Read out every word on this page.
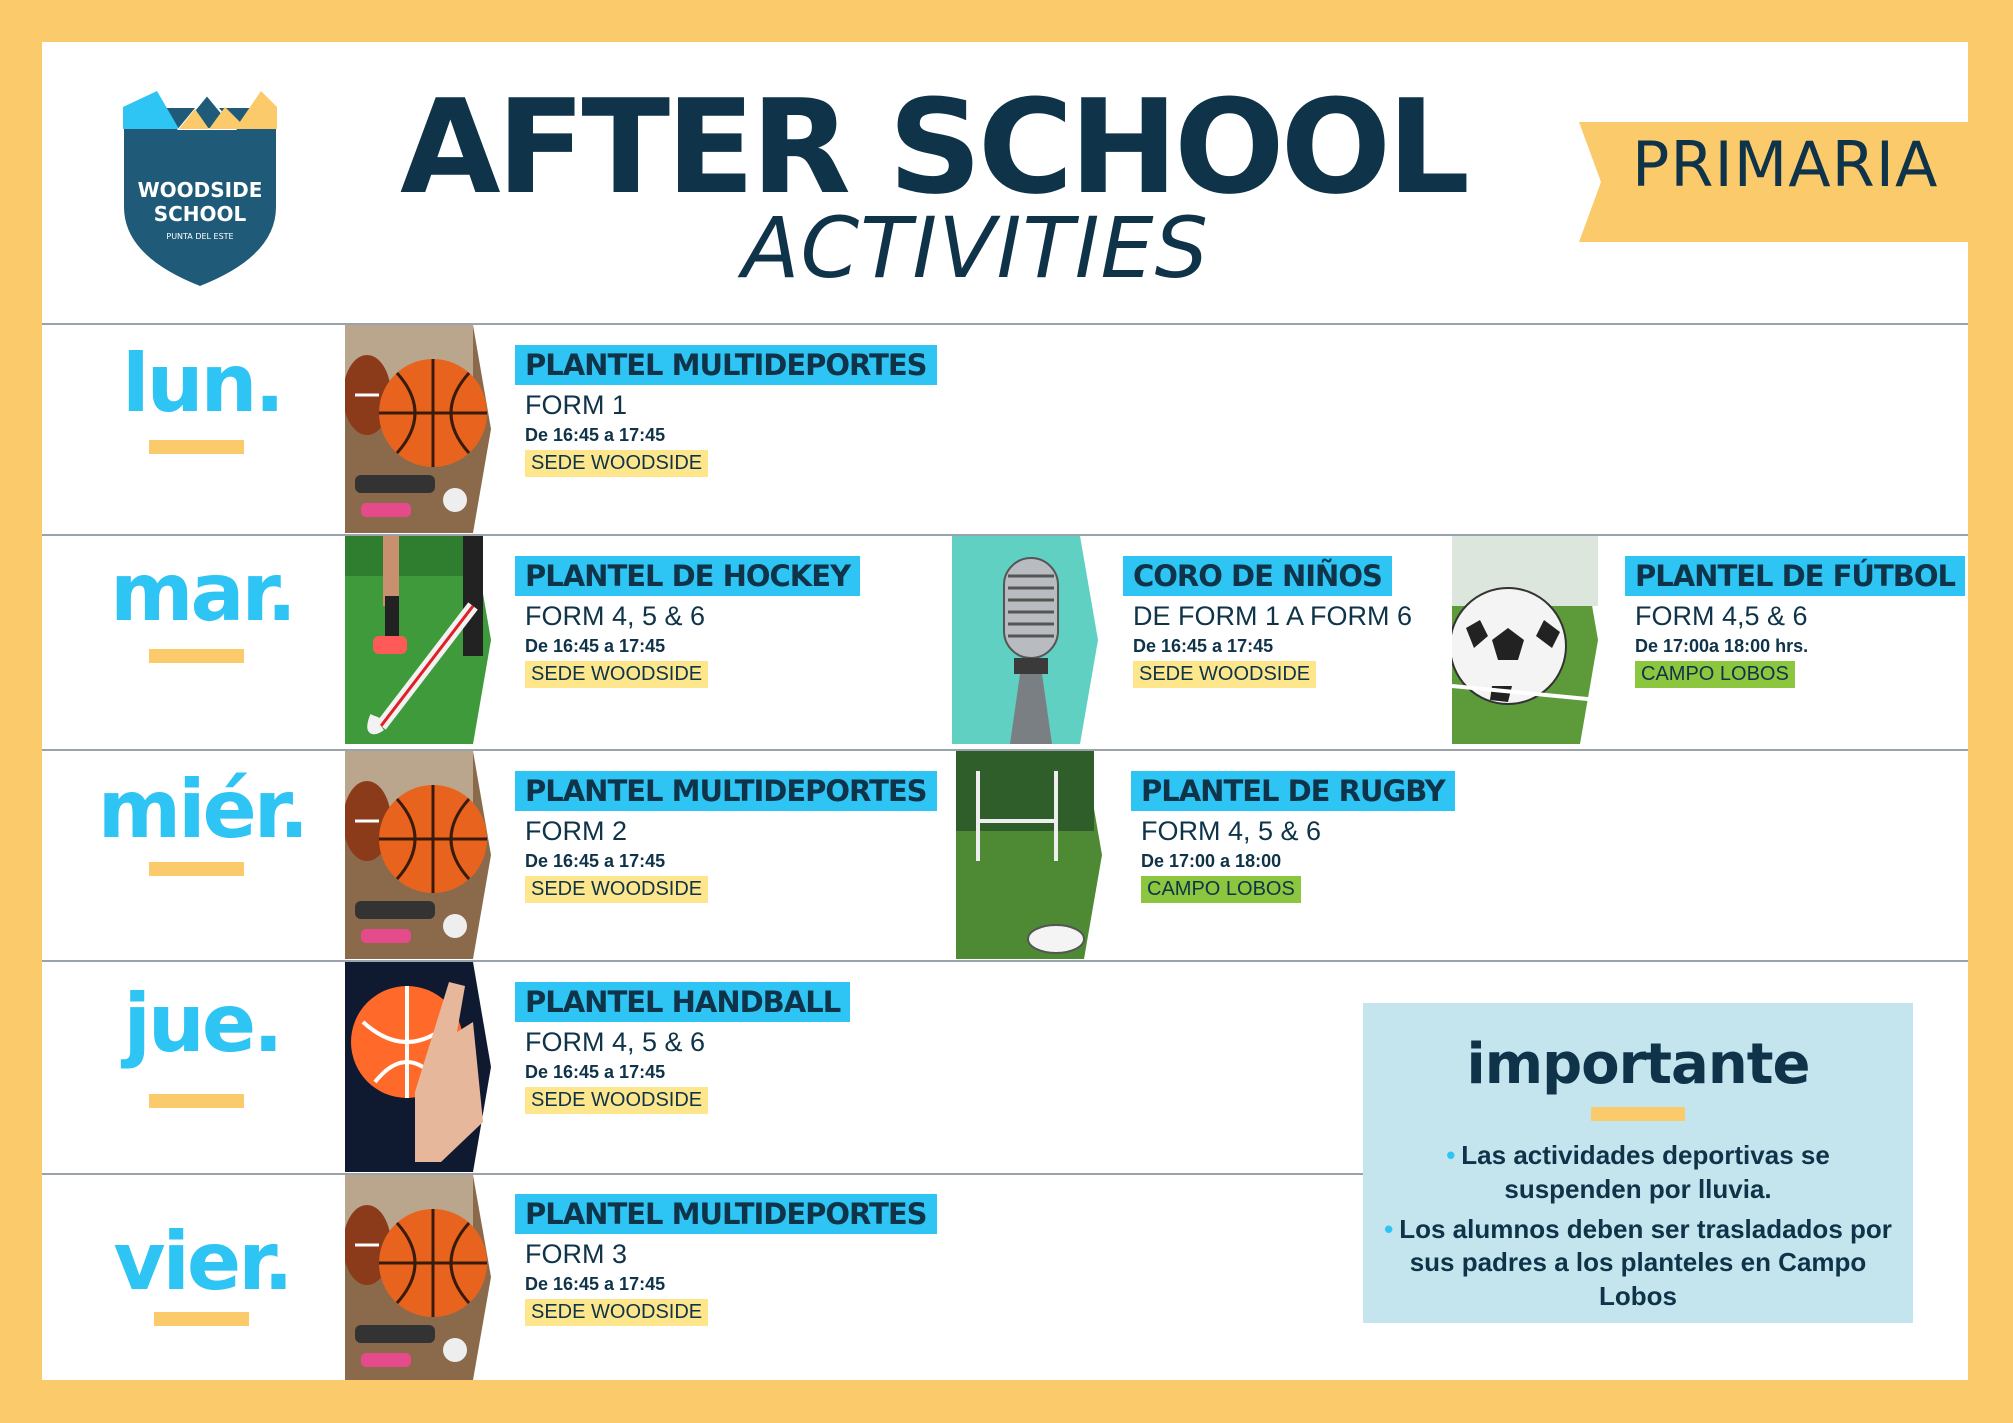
WOODSIDE
SCHOOL
PUNTA DEL ESTE
AFTER SCHOOL
ACTIVITIES
PRIMARIA
lun.
mar.
miér.
jue.
vier.
PLANTEL MULTIDEPORTES
FORM 1
De 16:45 a 17:45
SEDE WOODSIDE
PLANTEL DE HOCKEY
FORM 4, 5 & 6
De 16:45 a 17:45
SEDE WOODSIDE
CORO DE NIÑOS
DE FORM 1 A FORM 6
De 16:45 a 17:45
SEDE WOODSIDE
PLANTEL DE FÚTBOL
FORM 4,5 & 6
De 17:00a 18:00 hrs.
CAMPO LOBOS
PLANTEL MULTIDEPORTES
FORM 2
De 16:45 a 17:45
SEDE WOODSIDE
PLANTEL DE RUGBY
FORM 4, 5 & 6
De 17:00 a 18:00
CAMPO LOBOS
PLANTEL HANDBALL
FORM 4, 5 & 6
De 16:45 a 17:45
SEDE WOODSIDE
PLANTEL MULTIDEPORTES
FORM 3
De 16:45 a 17:45
SEDE WOODSIDE
importante
• Las actividades deportivas se suspenden por lluvia.
• Los alumnos deben ser trasladados por sus padres a los planteles en Campo Lobos
